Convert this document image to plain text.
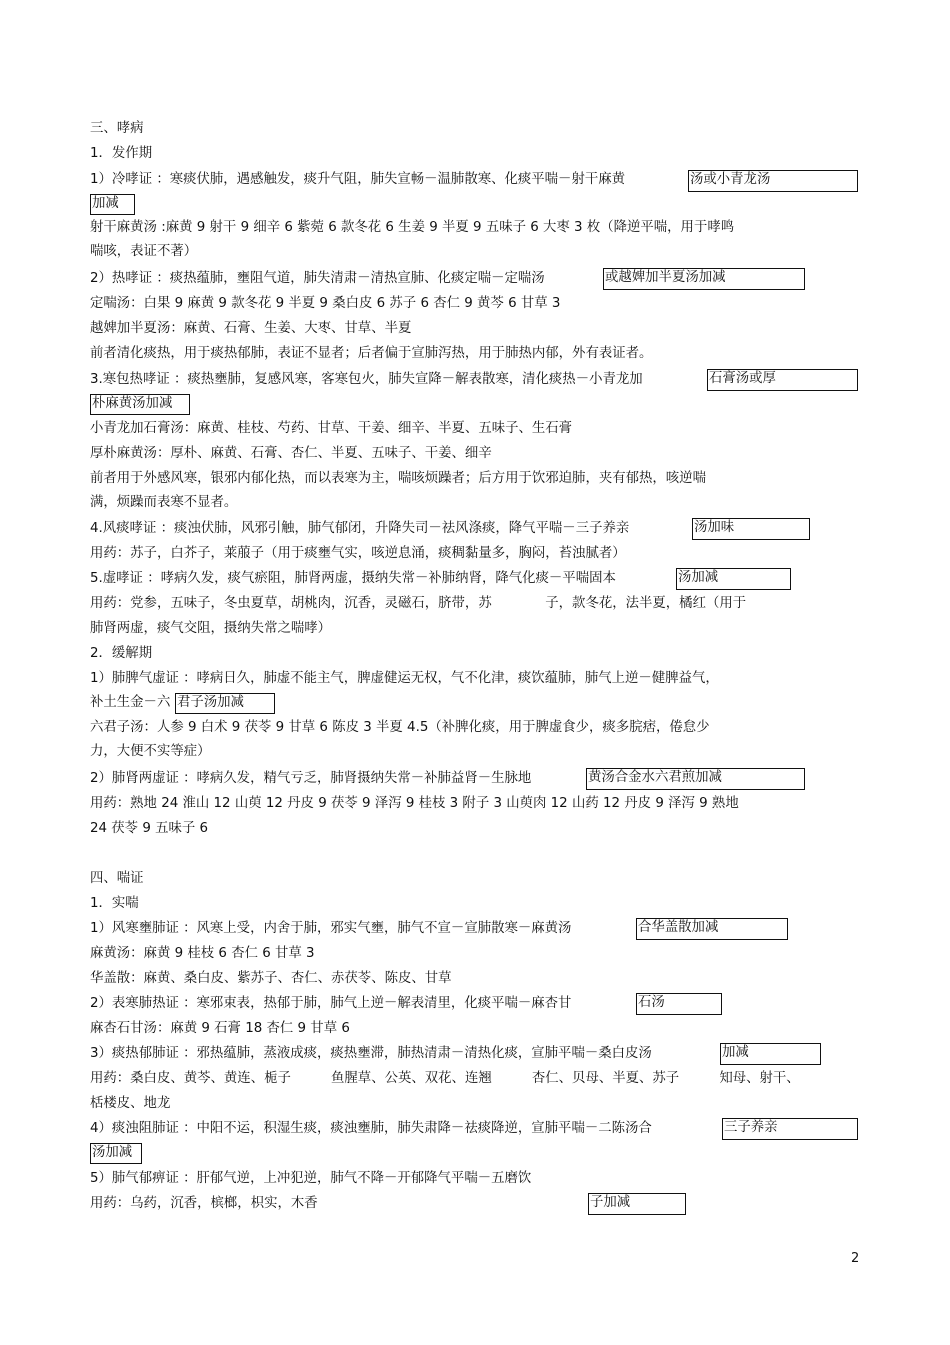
三、哮病
1．发作期
1）冷哮证 ：寒痰伏肺，遇感触发，痰升气阻，肺失宣畅－温肺散寒、化痰平喘－射干麻黄	汤或小青龙汤
加减
射干麻黄汤 :麻黄 9 射干 9 细辛 6 紫菀 6 款冬花 6 生姜 9 半夏 9 五味子 6 大枣 3 枚（降逆平喘，用于哮鸣
喘咳，表证不著）
2）热哮证 ：痰热蕴肺，壅阻气道，肺失清肃－清热宣肺、化痰定喘－定喘汤	或越婢加半夏汤加减
定喘汤：白果 9 麻黄 9 款冬花 9 半夏 9 桑白皮 6 苏子 6 杏仁 9 黄芩 6 甘草 3
越婢加半夏汤：麻黄、石膏、生姜、大枣、甘草、半夏
前者清化痰热，用于痰热郁肺，表证不显者；后者偏于宣肺泻热，用于肺热内郁，外有表证者。
3.寒包热哮证 ：痰热壅肺，复感风寒，客寒包火，肺失宣降－解表散寒，清化痰热－小青龙加	石膏汤或厚
朴麻黄汤加减
小青龙加石膏汤：麻黄、桂枝、芍药、甘草、干姜、细辛、半夏、五味子、生石膏
厚朴麻黄汤：厚朴、麻黄、石膏、杏仁、半夏、五味子、干姜、细辛
前者用于外感风寒，银邪内郁化热，而以表寒为主，喘咳烦躁者；后方用于饮邪迫肺，夹有郁热，咳逆喘
满，烦躁而表寒不显者。
4.风痰哮证 ：痰浊伏肺，风邪引触，肺气郁闭，升降失司－祛风涤痰，降气平喘－三子养亲	汤加味
用药：苏子，白芥子，莱菔子（用于痰壅气实，咳逆息涌，痰稠黏量多，胸闷，苔浊腻者）
5.虚哮证 ：哮病久发，痰气瘀阻，肺肾两虚，摄纳失常－补肺纳肾，降气化痰－平喘固本	汤加减
用药：党参，五味子，冬虫夏草，胡桃肉，沉香，灵磁石，脐带，苏　　　　子，款冬花，法半夏，橘红（用于
肺肾两虚，痰气交阻，摄纳失常之喘哮）
2．缓解期
1）肺脾气虚证 ：哮病日久，肺虚不能主气，脾虚健运无权，气不化津，痰饮蕴肺，肺气上逆－健脾益气，
补土生金－六 君子汤加减
六君子汤：人参 9 白术 9 茯苓 9 甘草 6 陈皮 3 半夏 4.5（补脾化痰，用于脾虚食少，痰多脘痞，倦怠少
力，大便不实等症）
2）肺肾两虚证 ：哮病久发，精气亏乏，肺肾摄纳失常－补肺益肾－生脉地	黄汤合金水六君煎加减
用药：熟地 24 淮山 12 山萸 12 丹皮 9 茯苓 9 泽泻 9 桂枝 3 附子 3 山萸肉 12 山药 12 丹皮 9 泽泻 9 熟地
24 茯苓 9 五味子 6
四、喘证
1．实喘
1）风寒壅肺证 ：风寒上受，内舍于肺，邪实气壅，肺气不宣－宣肺散寒－麻黄汤	合华盖散加减
麻黄汤：麻黄 9 桂枝 6 杏仁 6 甘草 3
华盖散：麻黄、桑白皮、紫苏子、杏仁、赤茯苓、陈皮、甘草
2）表寒肺热证 ：寒邪束表，热郁于肺，肺气上逆－解表清里，化痰平喘－麻杏甘	石汤
麻杏石甘汤：麻黄 9 石膏 18 杏仁 9 甘草 6
3）痰热郁肺证 ：邪热蕴肺，蒸液成痰，痰热壅滞，肺热清肃－清热化痰，宣肺平喘－桑白皮汤	加减
用药：桑白皮、黄芩、黄连、栀子　　　鱼腥草、公英、双花、连翘　　　杏仁、贝母、半夏、苏子　　　知母、射干、
栝楼皮、地龙
4）痰浊阻肺证 ：中阳不运，积湿生痰，痰浊壅肺，肺失肃降－祛痰降逆，宣肺平喘－二陈汤合	三子养亲
汤加减
5）肺气郁痹证 ：肝郁气逆，上冲犯逆，肺气不降－开郁降气平喘－五磨饮
用药：乌药，沉香，槟榔，枳实，木香	子加减
2
